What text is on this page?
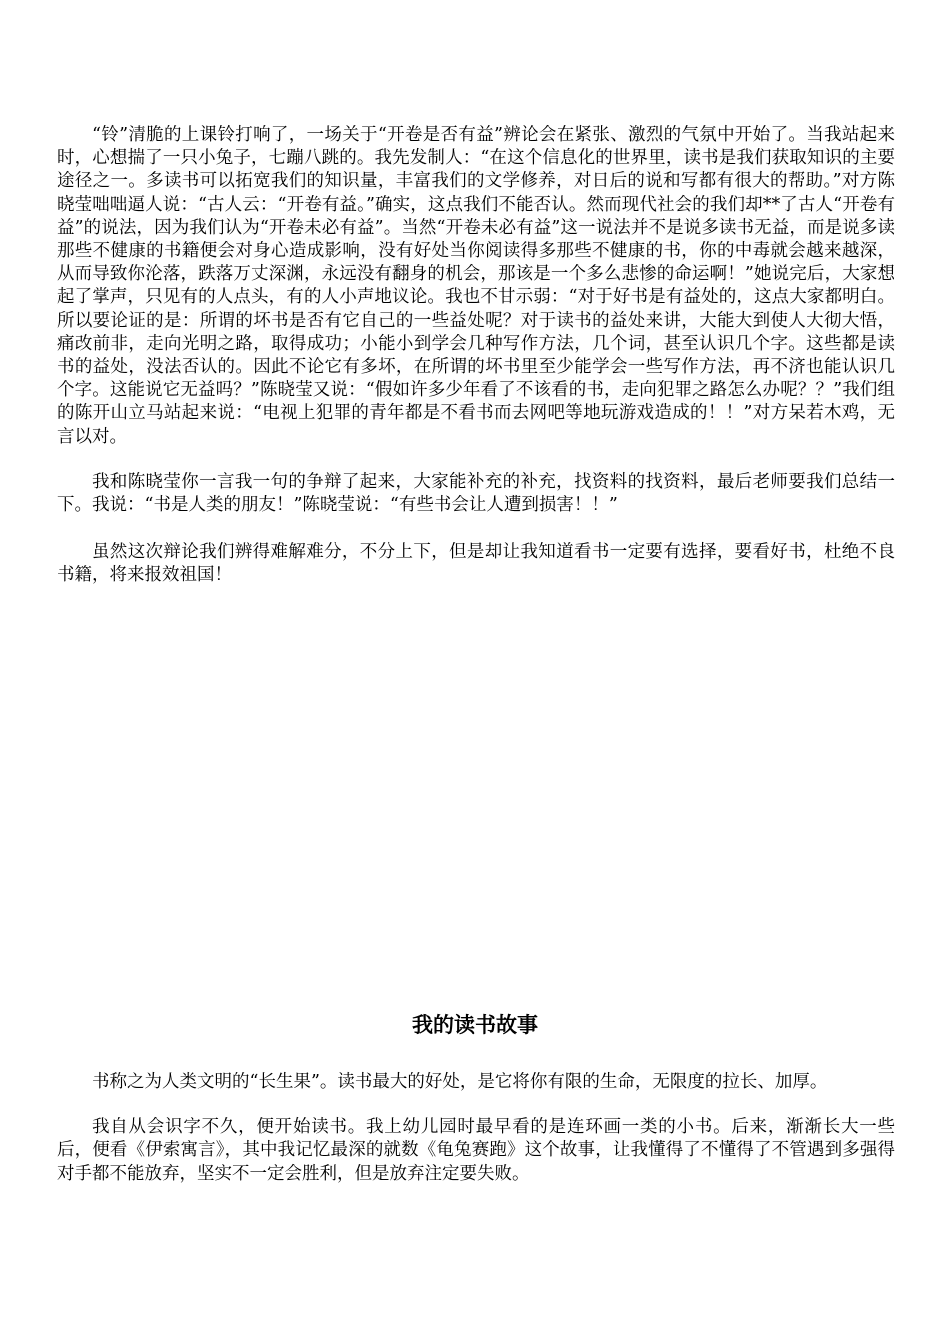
“铃”清脆的上课铃打响了，一场关于“开卷是否有益”辨论会在紧张、激烈的气氛中开始了。当我站起来时，心想揣了一只小兔子，七蹦八跳的。我先发制人：“在这个信息化的世界里，读书是我们获取知识的主要途径之一。多读书可以拓宽我们的知识量，丰富我们的文学修养，对日后的说和写都有很大的帮助。”对方陈晓莹咄咄逼人说：“古人云：“开卷有益。”确实，这点我们不能否认。然而现代社会的我们却**了古人“开卷有益”的说法，因为我们认为“开卷未必有益”。当然“开卷未必有益”这一说法并不是说多读书无益，而是说多读那些不健康的书籍便会对身心造成影响，没有好处当你阅读得多那些不健康的书，你的中毒就会越来越深，从而导致你沦落，跌落万丈深渊，永远没有翻身的机会，那该是一个多么悲惨的命运啊！”她说完后，大家想起了掌声，只见有的人点头，有的人小声地议论。我也不甘示弱：“对于好书是有益处的，这点大家都明白。所以要论证的是：所谓的坏书是否有它自己的一些益处呢？对于读书的益处来讲，大能大到使人大彻大悟，痛改前非，走向光明之路，取得成功；小能小到学会几种写作方法，几个词，甚至认识几个字。这些都是读书的益处，没法否认的。因此不论它有多坏，在所谓的坏书里至少能学会一些写作方法，再不济也能认识几个字。这能说它无益吗？”陈晓莹又说：“假如许多少年看了不该看的书，走向犯罪之路怎么办呢？？”我们组的陈开山立马站起来说：“电视上犯罪的青年都是不看书而去网吧等地玩游戏造成的！！”对方呆若木鸡，无言以对。

我和陈晓莹你一言我一句的争辩了起来，大家能补充的补充，找资料的找资料，最后老师要我们总结一下。我说：“书是人类的朋友！”陈晓莹说：“有些书会让人遭到损害！！”

虽然这次辩论我们辨得难解难分，不分上下，但是却让我知道看书一定要有选择，要看好书，杜绝不良书籍，将来报效祖国！

我的读书故事

书称之为人类文明的“长生果”。读书最大的好处，是它将你有限的生命，无限度的拉长、加厚。

我自从会识字不久，便开始读书。我上幼儿园时最早看的是连环画一类的小书。后来，渐渐长大一些后，便看《伊索寓言》，其中我记忆最深的就数《龟兔赛跑》这个故事，让我懂得了不懂得了不管遇到多强得对手都不能放弃，坚实不一定会胜利，但是放弃注定要失败。
